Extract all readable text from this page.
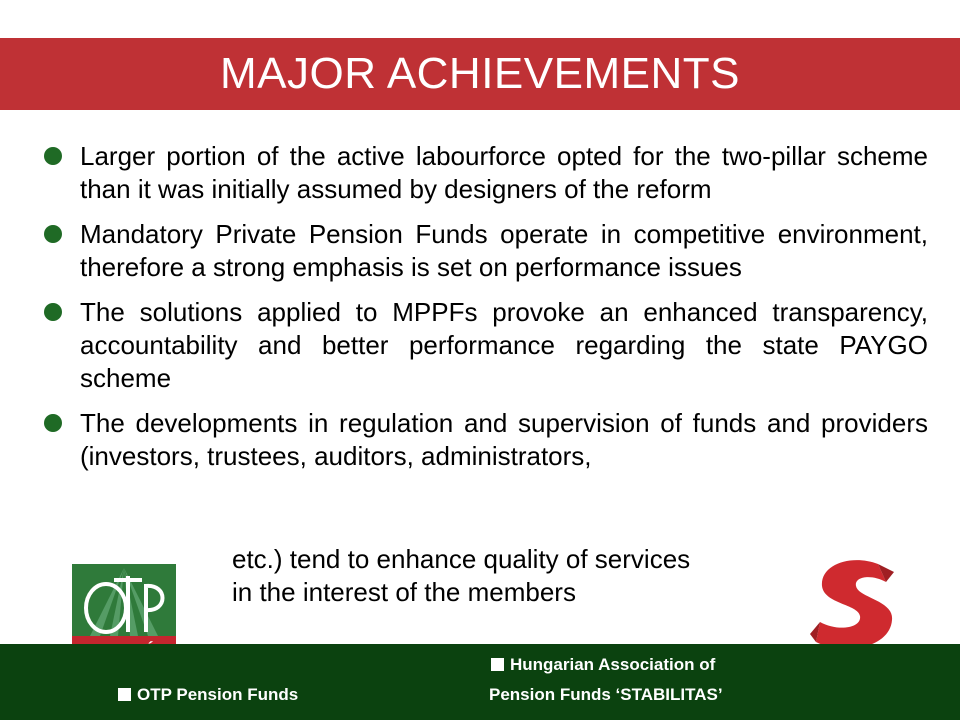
MAJOR ACHIEVEMENTS
Larger portion of the active labourforce opted for the two-pillar scheme than it was initially assumed by designers of the reform
Mandatory Private Pension Funds operate in competitive environment, therefore a strong emphasis is set on performance issues
The solutions applied to MPPFs provoke an enhanced transparency, accountability and better performance regarding the state PAYGO scheme
The developments in regulation and supervision of funds and providers (investors, trustees, auditors, administrators,
etc.) tend to enhance quality of services
in the interest of the members
Hungarian Association of
Pension Funds ‘STABILITAS’
OTP Pension Funds
